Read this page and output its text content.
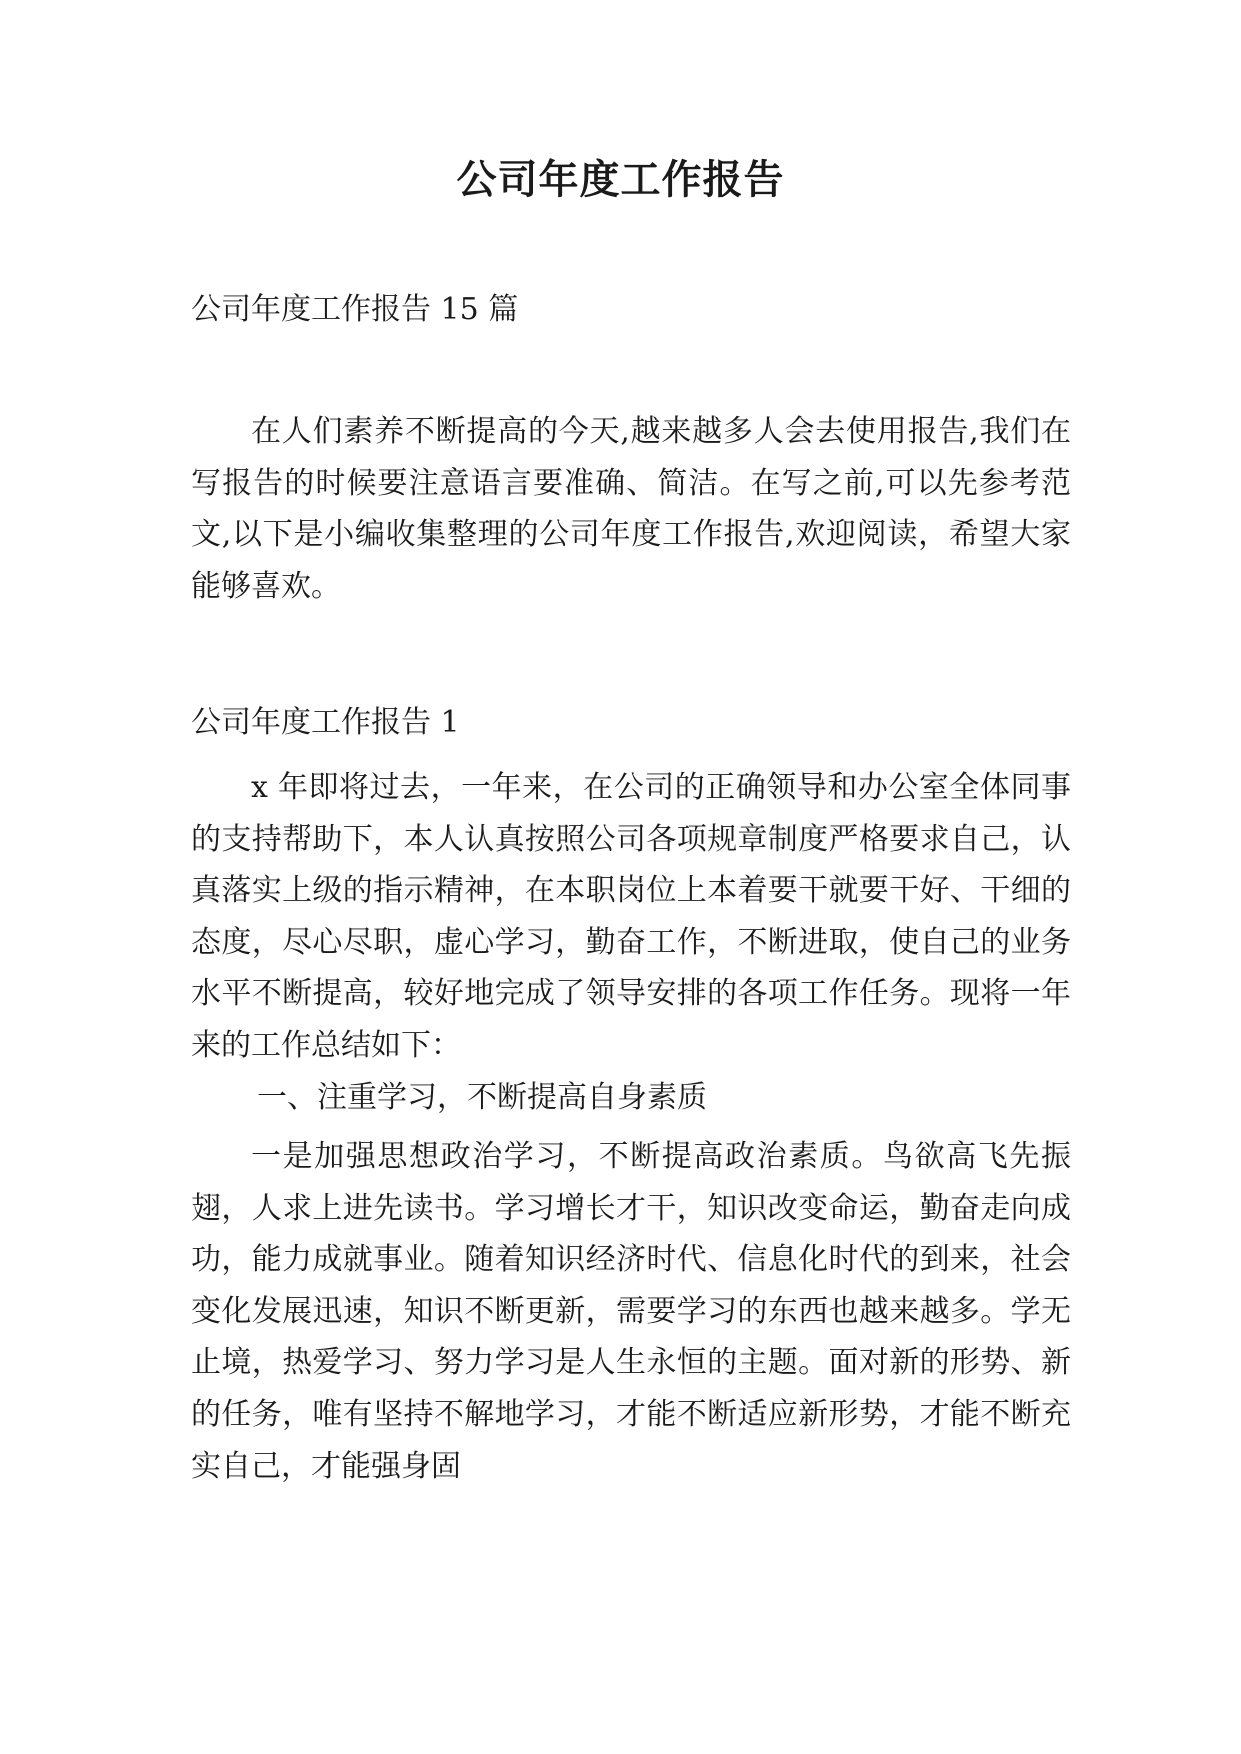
公司年度工作报告
公司年度工作报告 15 篇

在人们素养不断提高的今天,越来越多人会去使用报告,我们在写报告的时候要注意语言要准确、简洁。在写之前,可以先参考范文,以下是小编收集整理的公司年度工作报告,欢迎阅读，希望大家能够喜欢。

公司年度工作报告 1

x 年即将过去，一年来，在公司的正确领导和办公室全体同事的支持帮助下，本人认真按照公司各项规章制度严格要求自己，认真落实上级的指示精神，在本职岗位上本着要干就要干好、干细的态度，尽心尽职，虚心学习，勤奋工作，不断进取，使自己的业务水平不断提高，较好地完成了领导安排的各项工作任务。现将一年来的工作总结如下：

一、注重学习，不断提高自身素质

一是加强思想政治学习，不断提高政治素质。鸟欲高飞先振翅，人求上进先读书。学习增长才干，知识改变命运，勤奋走向成功，能力成就事业。随着知识经济时代、信息化时代的到来，社会变化发展迅速，知识不断更新，需要学习的东西也越来越多。学无止境，热爱学习、努力学习是人生永恒的主题。面对新的形势、新的任务，唯有坚持不解地学习，才能不断适应新形势，才能不断充实自己，才能强身固
